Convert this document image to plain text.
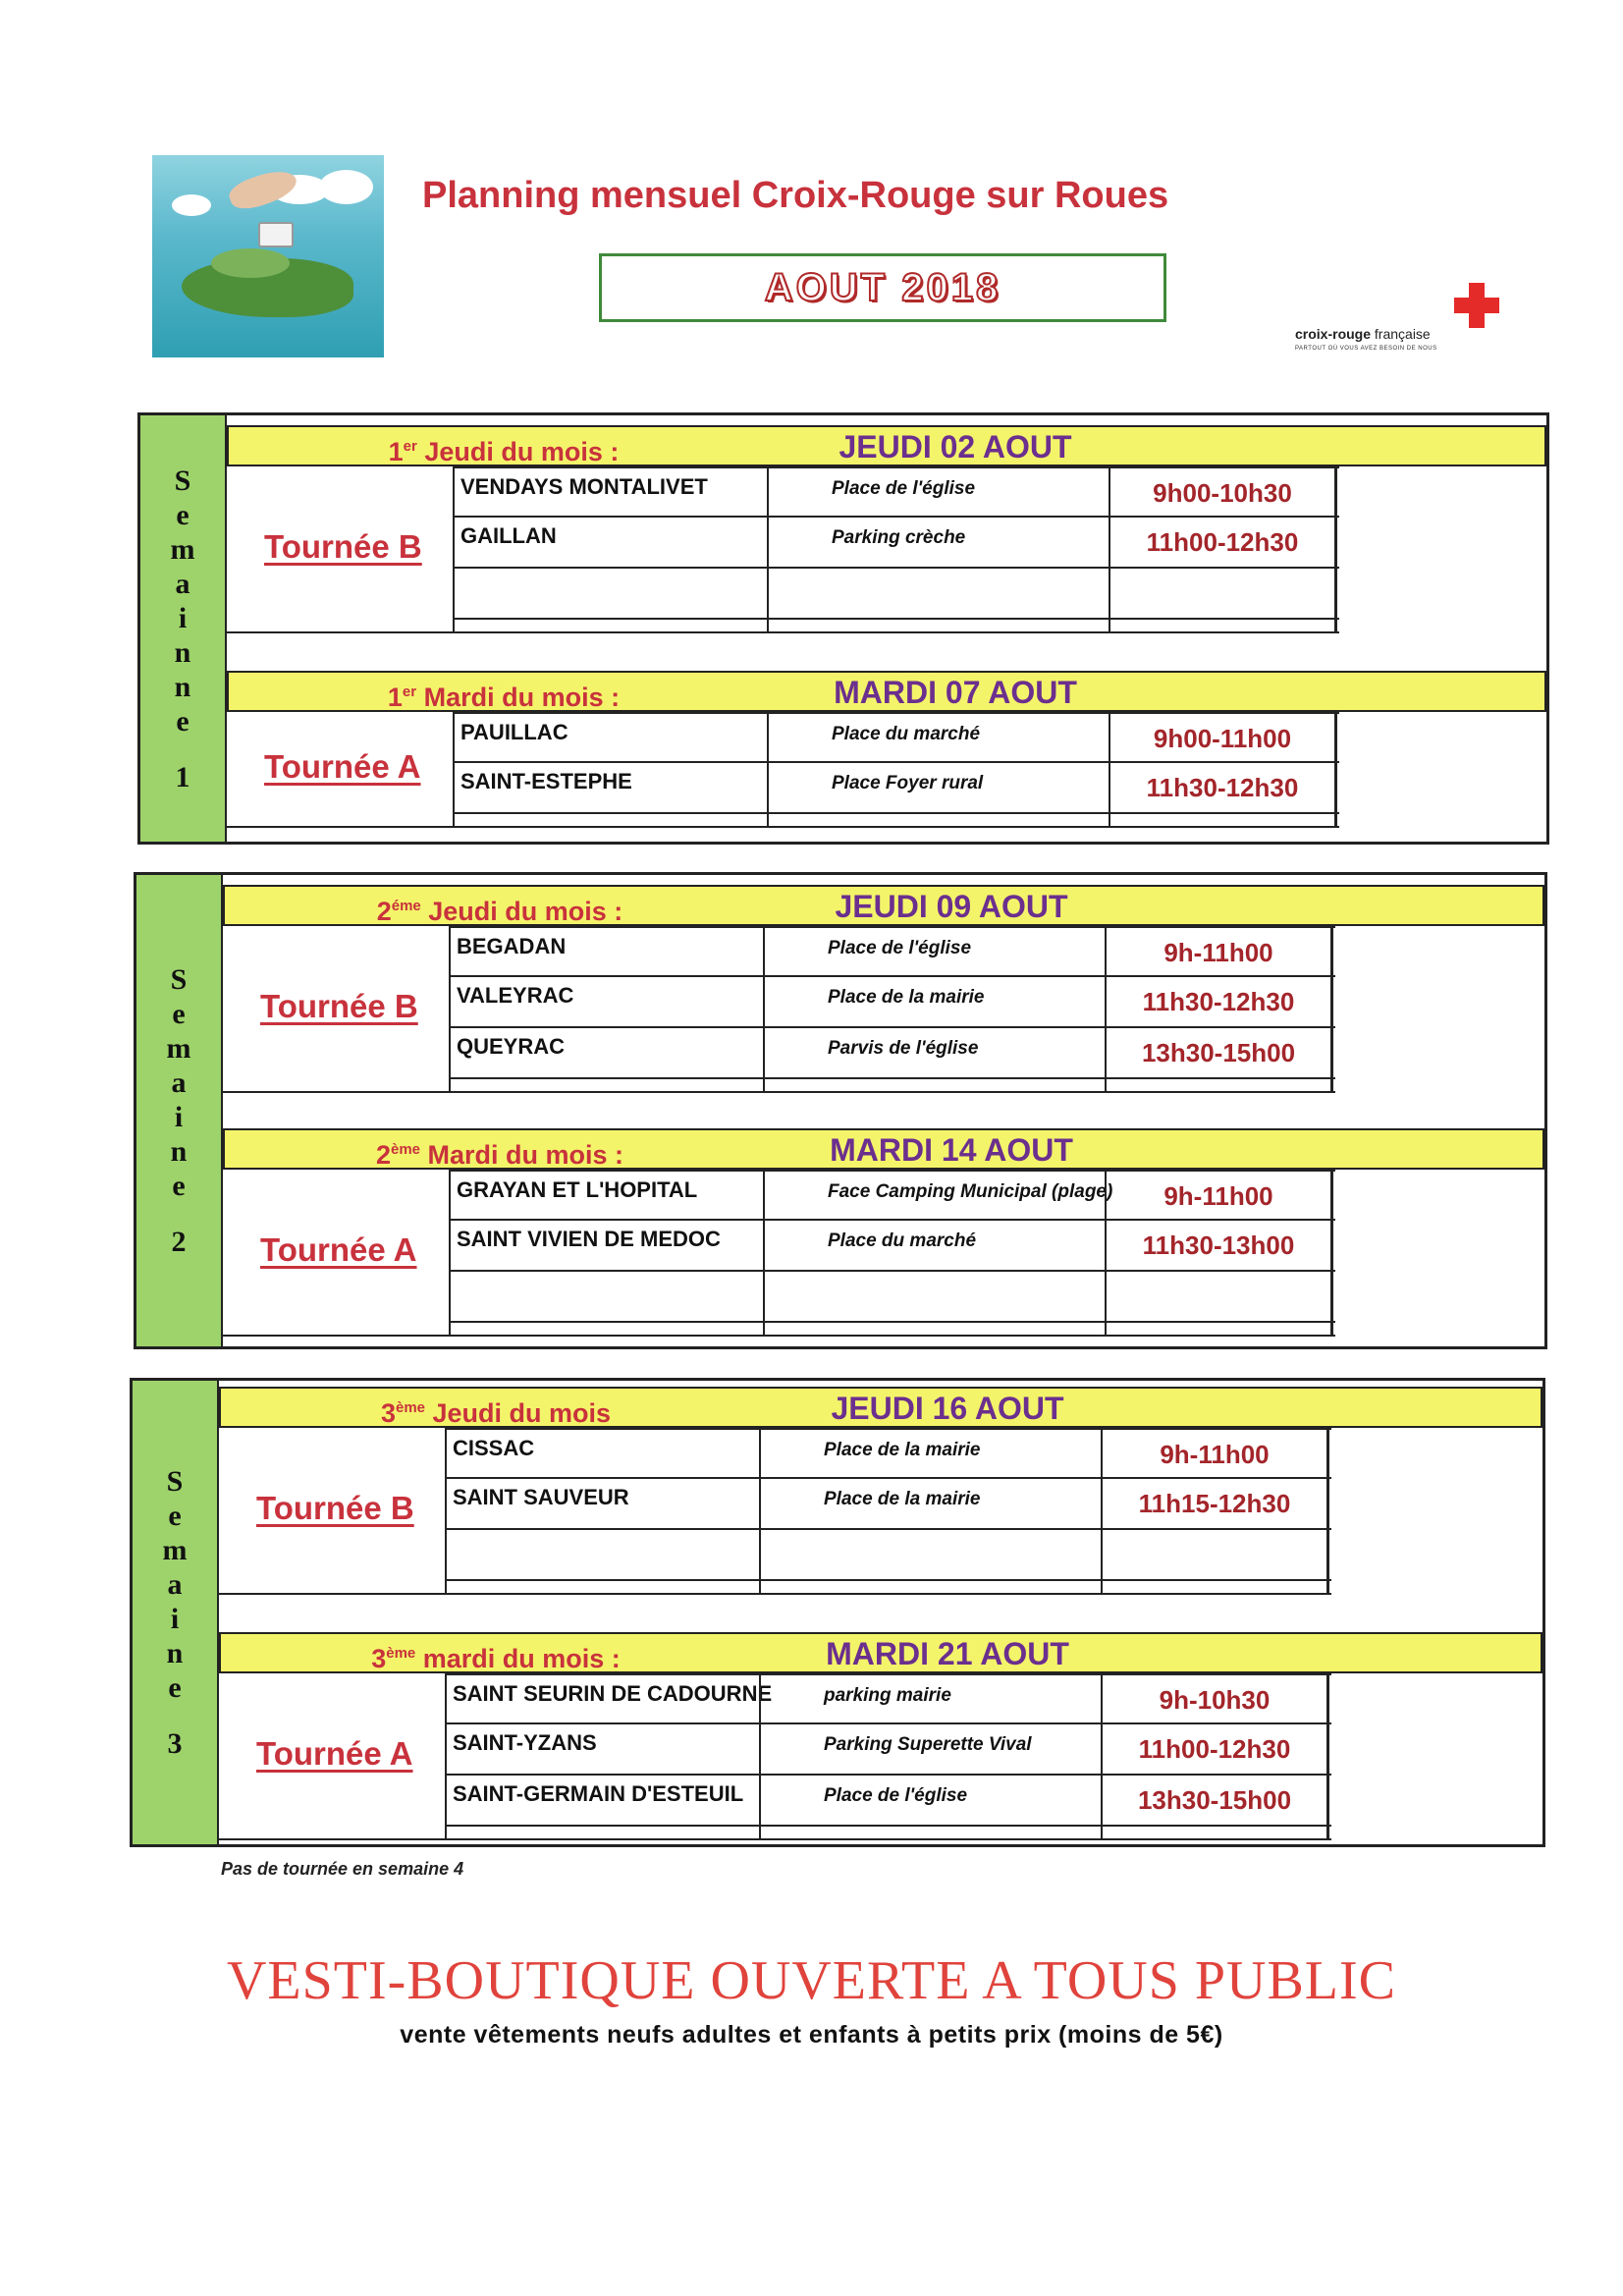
Planning mensuel Croix-Rouge sur Roues
AOUT 2018
croix-rouge française
PARTOUT OÙ VOUS AVEZ BESOIN DE NOUS
S
e
m
a
i
n
n
e
1
1er Jeudi du mois :	JEUDI 02 AOUT
Tournée B
VENDAYS MONTALIVET	Place de l'église	9h00-10h30
GAILLAN	Parking crèche	11h00-12h30
1er Mardi du mois :	MARDI 07 AOUT
Tournée A
PAUILLAC	Place du marché	9h00-11h00
SAINT-ESTEPHE	Place Foyer rural	11h30-12h30
S
e
m
a
i
n
e
2
$2^{éme}$ Jeudi du mois :	JEUDI 09 AOUT
Tournée B
BEGADAN	Place de l'église	9h-11h00
VALEYRAC	Place de la mairie	11h30-12h30
QUEYRAC	Parvis de l'église	13h30-15h00
2ème Mardi du mois :	MARDI 14 AOUT
Tournée A
GRAYAN ET L'HOPITAL	Face Camping Municipal (plage)	9h-11h00
SAINT VIVIEN DE MEDOC	Place du marché	11h30-13h00
S
e
m
a
i
n
e
3
3ème Jeudi du mois	JEUDI 16 AOUT
Tournée B
CISSAC	Place de la mairie	9h-11h00
SAINT SAUVEUR	Place de la mairie	11h15-12h30
3ème mardi du mois :	MARDI 21 AOUT
Tournée A
SAINT SEURIN DE CADOURNE	parking mairie	9h-10h30
SAINT-YZANS	Parking Superette Vival	11h00-12h30
SAINT-GERMAIN D'ESTEUIL	Place de l'église	13h30-15h00
Pas de tournée en semaine 4
VESTI-BOUTIQUE OUVERTE A TOUS PUBLIC
vente vêtements neufs adultes et enfants à petits prix (moins de 5€)
